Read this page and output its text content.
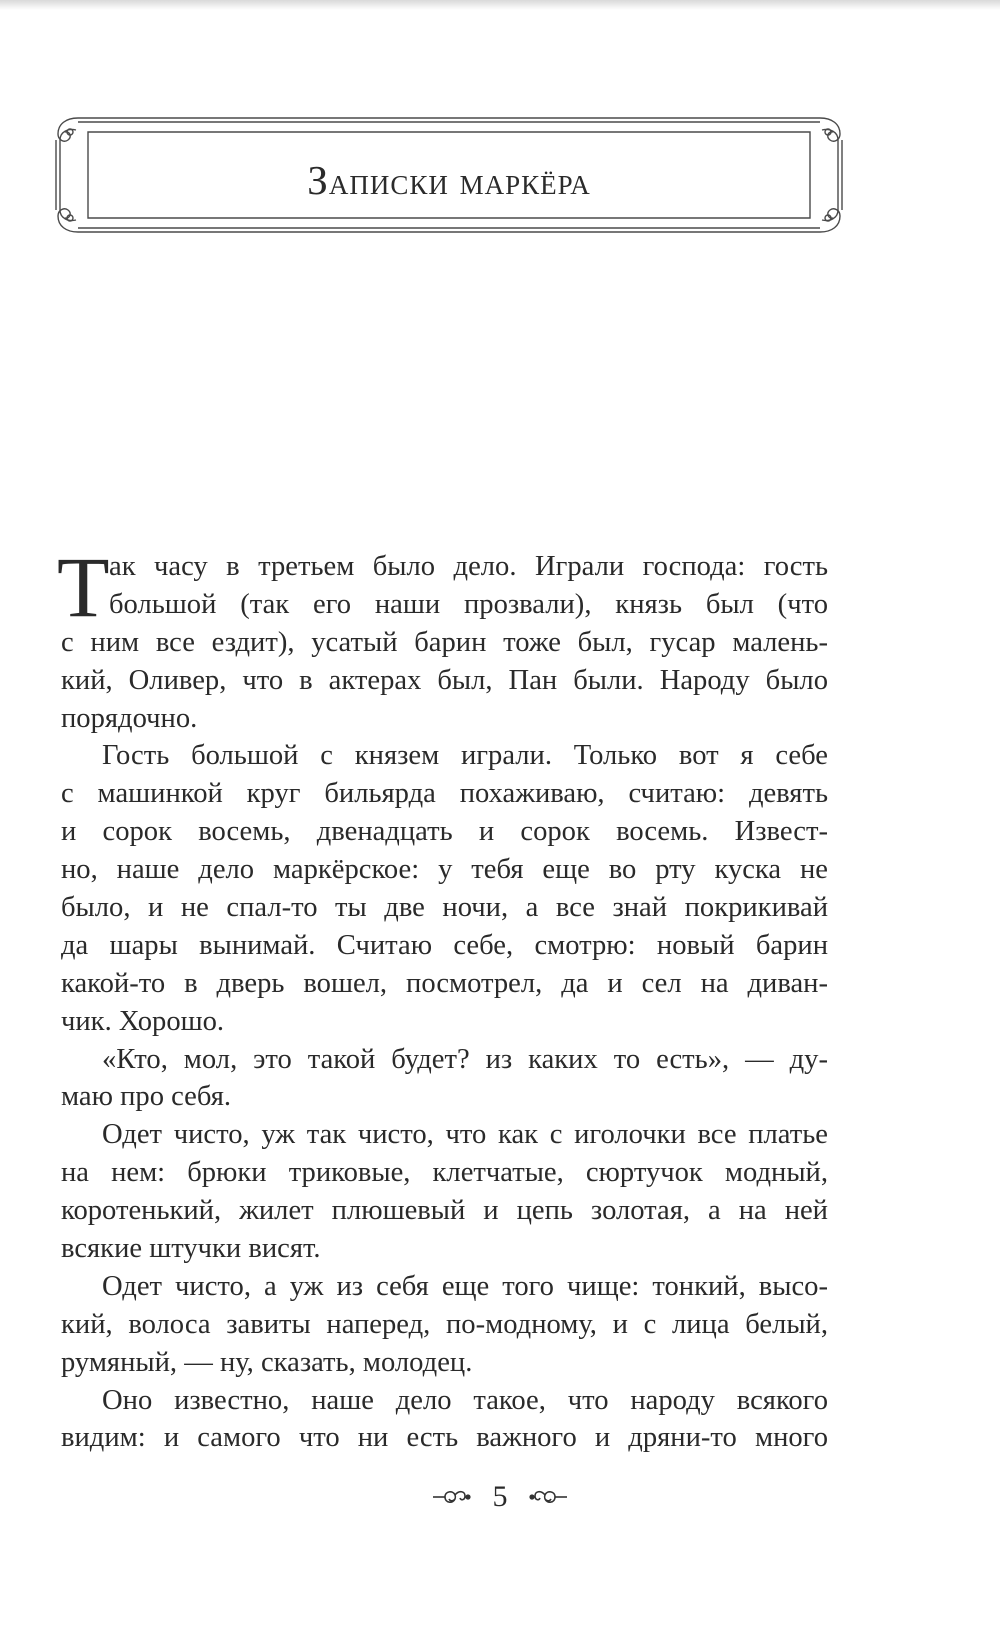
Записки маркёра
Т ак часу в третьем было дело. Играли господа: гость
большой (так его наши прозвали), князь был (что
с ним все ездит), усатый барин тоже был, гусар малень-
кий, Оливер, что в актерах был, Пан были. Народу было
порядочно.
Гость большой с князем играли. Только вот я себе
с машинкой круг бильярда похаживаю, считаю: девять
и сорок восемь, двенадцать и сорок восемь. Извест-
но, наше дело маркёрское: у тебя еще во рту куска не
было, и не спал-то ты две ночи, а все знай покрикивай
да шары вынимай. Считаю себе, смотрю: новый барин
какой-то в дверь вошел, посмотрел, да и сел на диван-
чик. Хорошо.
«Кто, мол, это такой будет? из каких то есть», — ду-
маю про себя.
Одет чисто, уж так чисто, что как с иголочки все платье
на нем: брюки триковые, клетчатые, сюртучок модный,
коротенький, жилет плюшевый и цепь золотая, а на ней
всякие штучки висят.
Одет чисто, а уж из себя еще того чище: тонкий, высо-
кий, волоса завиты наперед, по-модному, и с лица белый,
румяный, — ну, сказать, молодец.
Оно известно, наше дело такое, что народу всякого
видим: и самого что ни есть важного и дряни-то много
5
